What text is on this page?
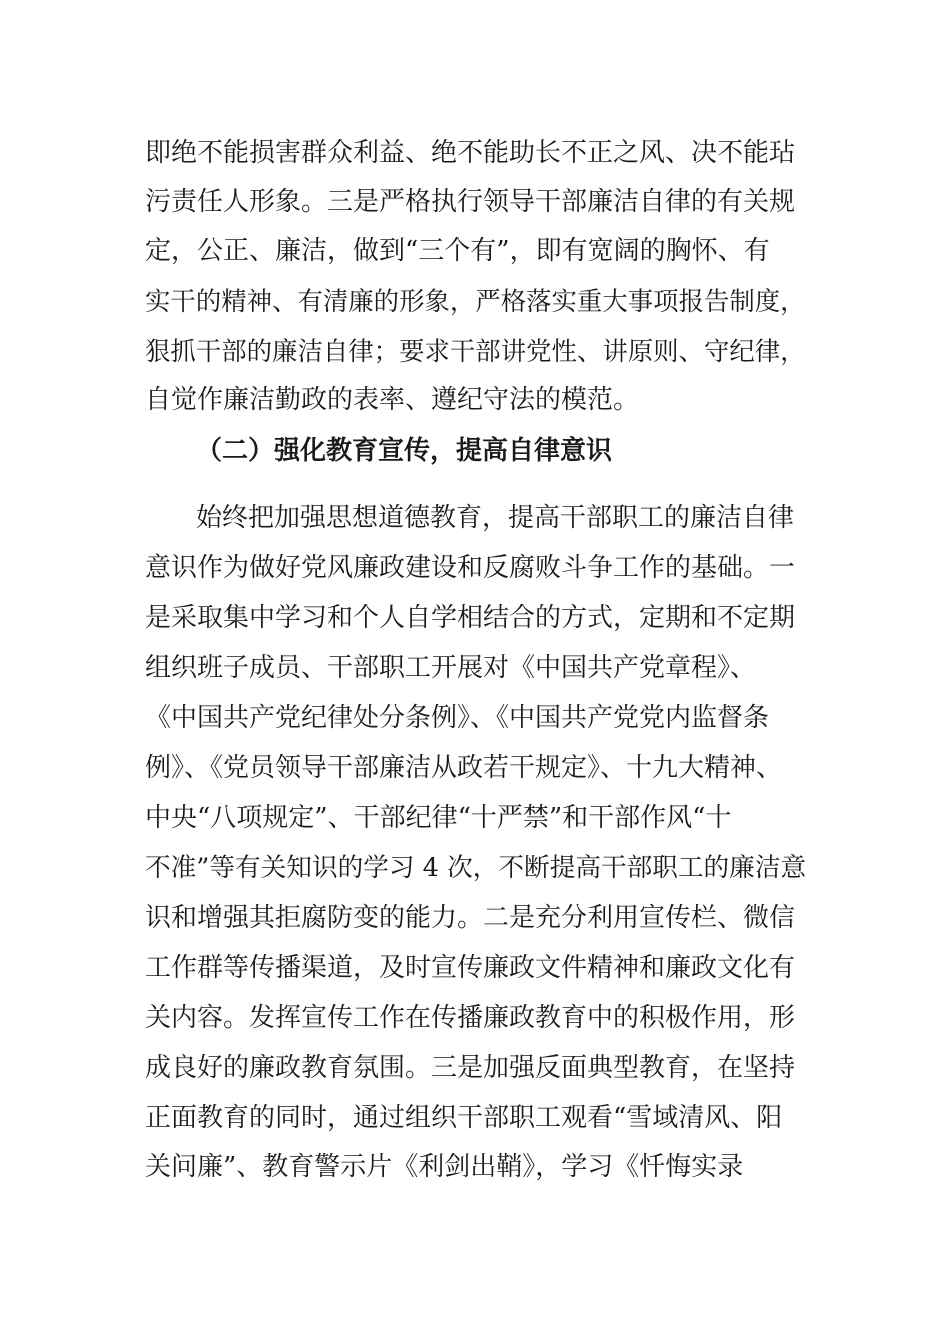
即绝不能损害群众利益、绝不能助长不正之风、决不能玷
污责任人形象。三是严格执行领导干部廉洁自律的有关规
定，公正、廉洁，做到“三个有”，即有宽阔的胸怀、有
实干的精神、有清廉的形象，严格落实重大事项报告制度，
狠抓干部的廉洁自律；要求干部讲党性、讲原则、守纪律，
自觉作廉洁勤政的表率、遵纪守法的模范。
（二）强化教育宣传，提高自律意识
始终把加强思想道德教育，提高干部职工的廉洁自律
意识作为做好党风廉政建设和反腐败斗争工作的基础。一
是采取集中学习和个人自学相结合的方式，定期和不定期
组织班子成员、干部职工开展对《中国共产党章程》、
《中国共产党纪律处分条例》、《中国共产党党内监督条
例》、《党员领导干部廉洁从政若干规定》、十九大精神、
中央“八项规定”、干部纪律“十严禁”和干部作风“十
不准”等有关知识的学习 4 次，不断提高干部职工的廉洁意
识和增强其拒腐防变的能力。二是充分利用宣传栏、微信
工作群等传播渠道，及时宣传廉政文件精神和廉政文化有
关内容。发挥宣传工作在传播廉政教育中的积极作用，形
成良好的廉政教育氛围。三是加强反面典型教育，在坚持
正面教育的同时，通过组织干部职工观看“雪域清风、阳
关问廉”、教育警示片《利剑出鞘》，学习《忏悔实录
